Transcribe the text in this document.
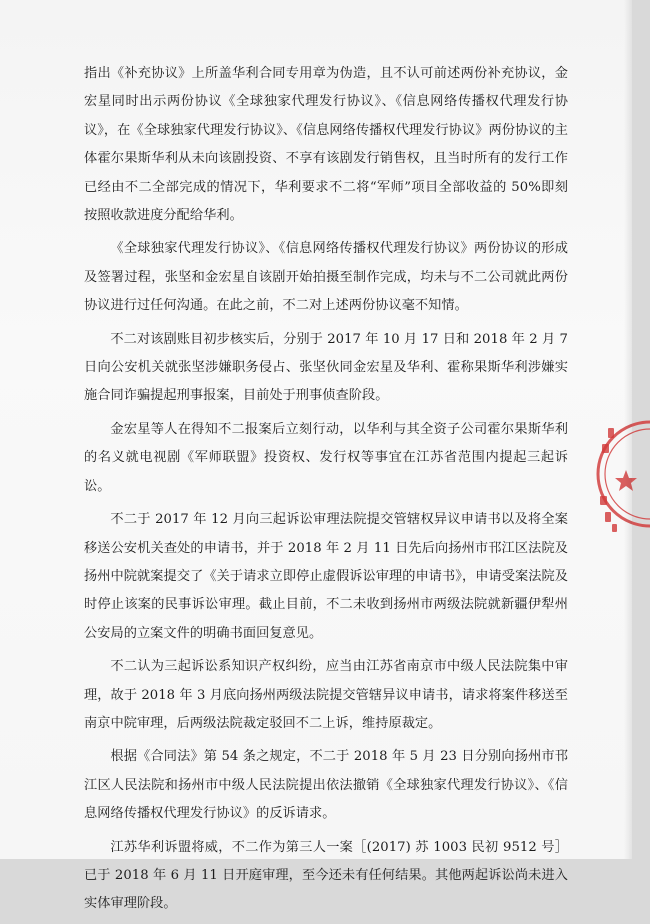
指出《补充协议》上所盖华利合同专用章为伪造，且不认可前述两份补充协议，金宏星同时出示两份协议《全球独家代理发行协议》、《信息网络传播权代理发行协议》，在《全球独家代理发行协议》、《信息网络传播权代理发行协议》两份协议的主体霍尔果斯华利从未向该剧投资、不享有该剧发行销售权，且当时所有的发行工作已经由不二全部完成的情况下，华利要求不二将“军师”项目全部收益的 50%即刻按照收款进度分配给华利。

《全球独家代理发行协议》、《信息网络传播权代理发行协议》两份协议的形成及签署过程，张坚和金宏星自该剧开始拍摄至制作完成，均未与不二公司就此两份协议进行过任何沟通。在此之前，不二对上述两份协议毫不知情。

不二对该剧账目初步核实后，分别于 2017 年 10 月 17 日和 2018 年 2 月 7 日向公安机关就张坚涉嫌职务侵占、张坚伙同金宏星及华利、霍称果斯华利涉嫌实施合同诈骗提起刑事报案，目前处于刑事侦查阶段。

金宏星等人在得知不二报案后立刻行动，以华利与其全资子公司霍尔果斯华利的名义就电视剧《军师联盟》投资权、发行权等事宜在江苏省范围内提起三起诉讼。

不二于 2017 年 12 月向三起诉讼审理法院提交管辖权异议申请书以及将全案移送公安机关查处的申请书，并于 2018 年 2 月 11 日先后向扬州市邗江区法院及扬州中院就案提交了《关于请求立即停止虚假诉讼审理的申请书》，申请受案法院及时停止该案的民事诉讼审理。截止目前，不二未收到扬州市两级法院就新疆伊犁州公安局的立案文件的明确书面回复意见。

不二认为三起诉讼系知识产权纠纷，应当由江苏省南京市中级人民法院集中审理，故于 2018 年 3 月底向扬州两级法院提交管辖异议申请书，请求将案件移送至南京中院审理，后两级法院裁定驳回不二上诉，维持原裁定。

根据《合同法》第 54 条之规定，不二于 2018 年 5 月 23 日分别向扬州市邗江区人民法院和扬州市中级人民法院提出依法撤销《全球独家代理发行协议》、《信息网络传播权代理发行协议》的反诉请求。

江苏华利诉盟将威，不二作为第三人一案［(2017) 苏 1003 民初 9512 号］已于 2018 年 6 月 11 日开庭审理，至今还未有任何结果。其他两起诉讼尚未进入实体审理阶段。
